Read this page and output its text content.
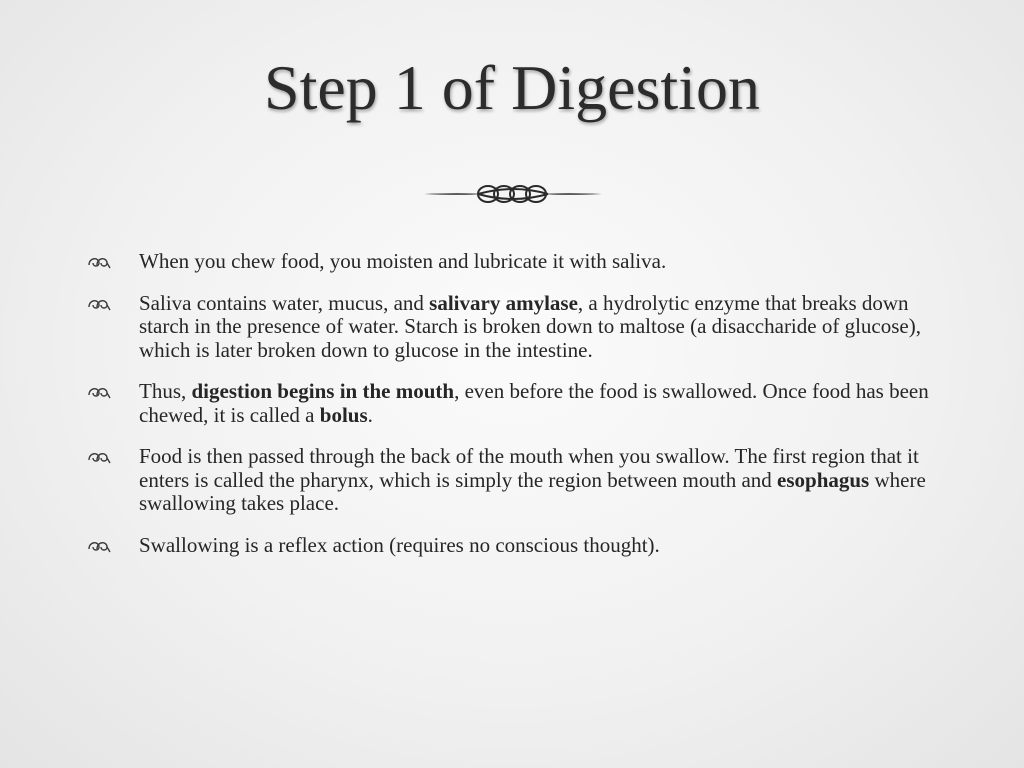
Step 1 of Digestion
When you chew food, you moisten and lubricate it with saliva.
Saliva contains water, mucus, and salivary amylase, a hydrolytic enzyme that breaks down starch in the presence of water. Starch is broken down to maltose (a disaccharide of glucose), which is later broken down to glucose in the intestine.
Thus, digestion begins in the mouth, even before the food is swallowed. Once food has been chewed, it is called a bolus.
Food is then passed through the back of the mouth when you swallow. The first region that it enters is called the pharynx, which is simply the region between mouth and esophagus where swallowing takes place.
Swallowing is a reflex action (requires no conscious thought).
